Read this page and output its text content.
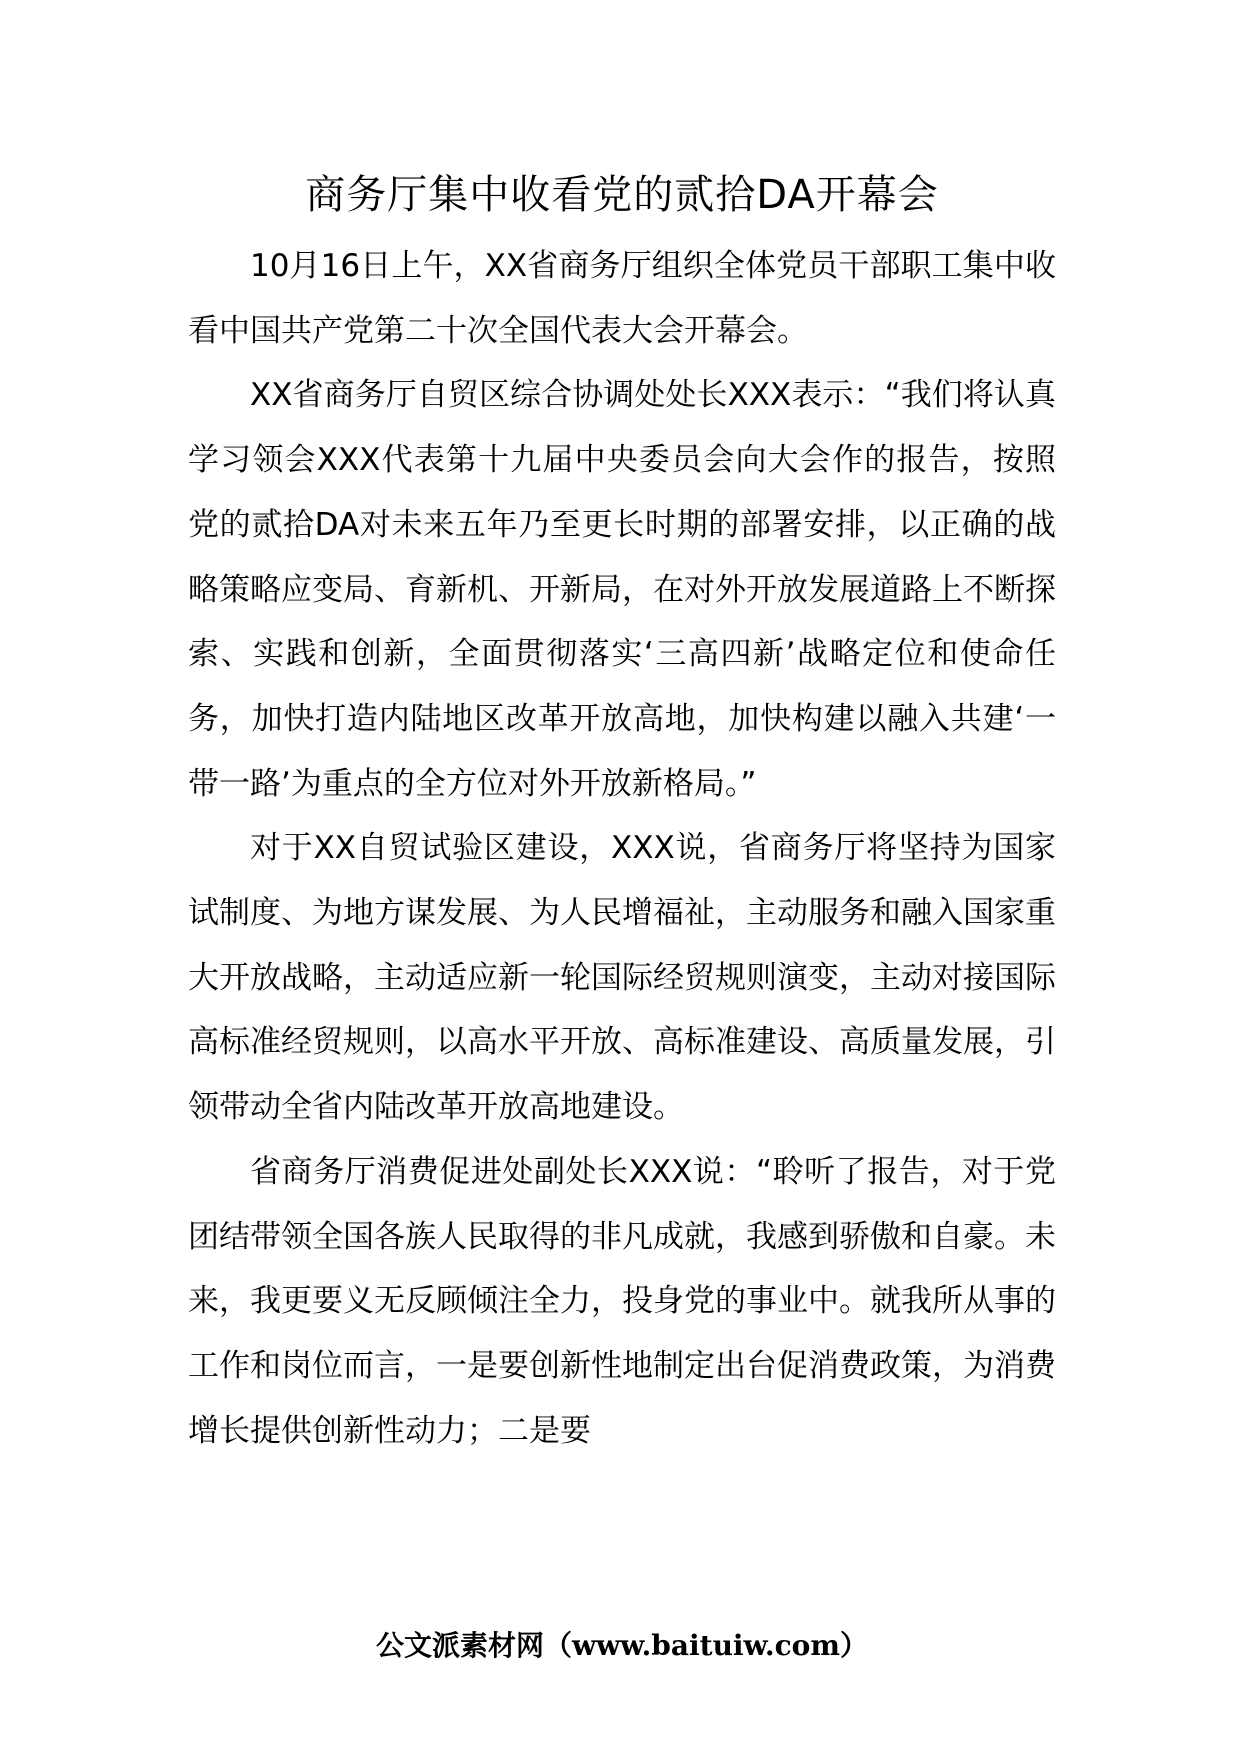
商务厅集中收看党的贰拾DA开幕会

10月16日上午，XX省商务厅组织全体党员干部职工集中收看中国共产党第二十次全国代表大会开幕会。

XX省商务厅自贸区综合协调处处长XXX表示：“我们将认真学习领会XXX代表第十九届中央委员会向大会作的报告，按照党的贰拾DA对未来五年乃至更长时期的部署安排，以正确的战略策略应变局、育新机、开新局，在对外开放发展道路上不断探索、实践和创新，全面贯彻落实‘三高四新’战略定位和使命任务，加快打造内陆地区改革开放高地，加快构建以融入共建‘一带一路’为重点的全方位对外开放新格局。”

对于XX自贸试验区建设，XXX说，省商务厅将坚持为国家试制度、为地方谋发展、为人民增福祉，主动服务和融入国家重大开放战略，主动适应新一轮国际经贸规则演变，主动对接国际高标准经贸规则，以高水平开放、高标准建设、高质量发展，引领带动全省内陆改革开放高地建设。

省商务厅消费促进处副处长XXX说：“聆听了报告，对于党团结带领全国各族人民取得的非凡成就，我感到骄傲和自豪。未来，我更要义无反顾倾注全力，投身党的事业中。就我所从事的工作和岗位而言，一是要创新性地制定出台促消费政策，为消费增长提供创新性动力；二是要

公文派素材网（www.baituiw.com）
